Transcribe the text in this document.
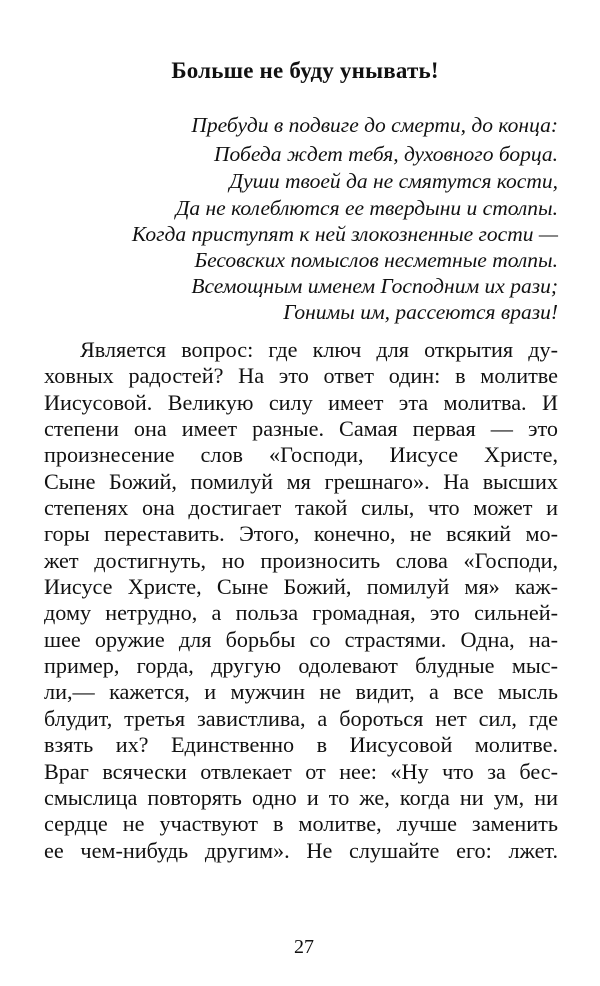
Больше не буду унывать!
Пребуди в подвиге до смерти, до конца:
Победа ждет тебя, духовного борца.
Души твоей да не смятутся кости,
Да не колеблются ее твердыни и столпы.
Когда приступят к ней злокозненные гости —
Бесовских помыслов несметные толпы.
Всемощным именем Господним их рази;
Гонимы им, рассеются врази!
Является вопрос: где ключ для открытия ду-
ховных радостей? На это ответ один: в молитве
Иисусовой. Великую силу имеет эта молитва. И
степени она имеет разные. Самая первая — это
произнесение слов «Господи, Иисусе Христе,
Сыне Божий, помилуй мя грешнаго». На высших
степенях она достигает такой силы, что может и
горы переставить. Этого, конечно, не всякий мо-
жет достигнуть, но произносить слова «Господи,
Иисусе Христе, Сыне Божий, помилуй мя» каж-
дому нетрудно, а польза громадная, это сильней-
шее оружие для борьбы со страстями. Одна, на-
пример, горда, другую одолевают блудные мыс-
ли,— кажется, и мужчин не видит, а все мысль
блудит, третья завистлива, а бороться нет сил, где
взять их? Единственно в Иисусовой молитве.
Враг всячески отвлекает от нее: «Ну что за бес-
смыслица повторять одно и то же, когда ни ум, ни
сердце не участвуют в молитве, лучше заменить
ее чем-нибудь другим». Не слушайте его: лжет.
27
